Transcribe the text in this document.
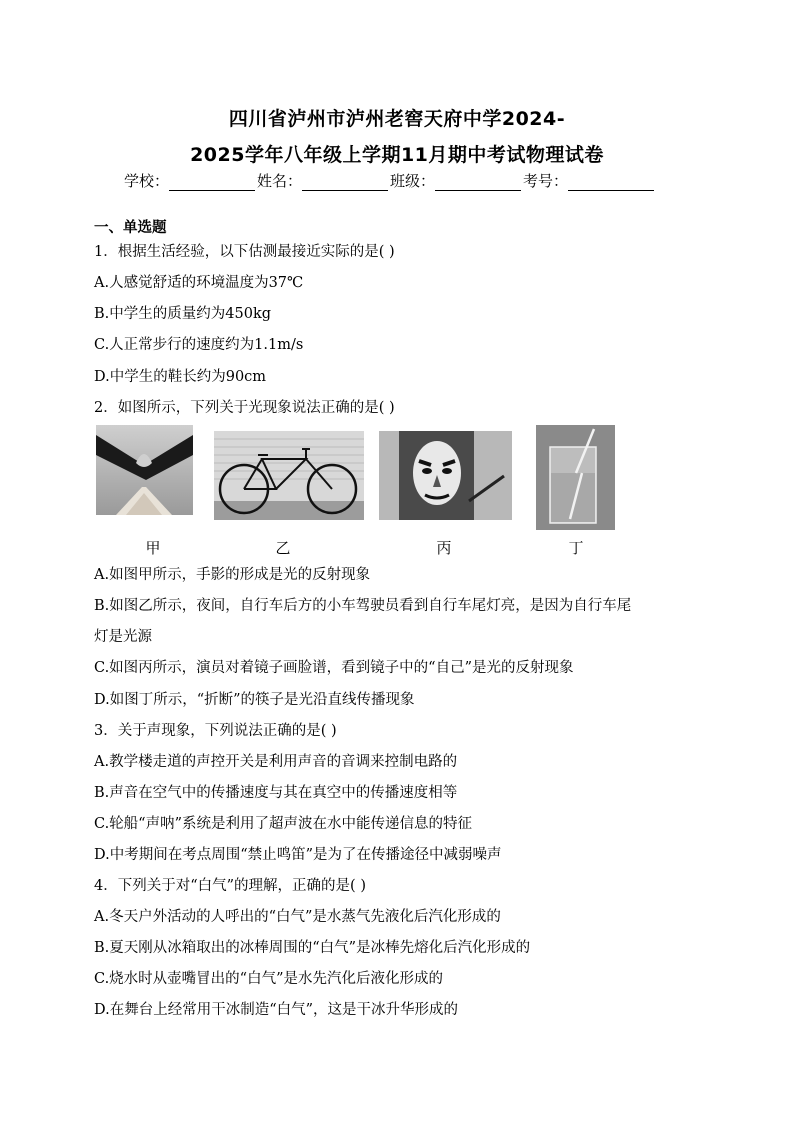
四川省泸州市泸州老窖天府中学2024-
2025学年八年级上学期11月期中考试物理试卷
学校：	姓名：	班级：	考号：
一、单选题
1．根据生活经验，以下估测最接近实际的是( )
A.人感觉舒适的环境温度为37℃
B.中学生的质量约为450kg
C.人正常步行的速度约为1.1m/s
D.中学生的鞋长约为90cm
2．如图所示，下列关于光现象说法正确的是( )
甲	乙	丙	丁
A.如图甲所示，手影的形成是光的反射现象
B.如图乙所示，夜间，自行车后方的小车驾驶员看到自行车尾灯亮，是因为自行车尾
灯是光源
C.如图丙所示，演员对着镜子画脸谱，看到镜子中的“自己”是光的反射现象
D.如图丁所示，“折断”的筷子是光沿直线传播现象
3．关于声现象，下列说法正确的是( )
A.教学楼走道的声控开关是利用声音的音调来控制电路的
B.声音在空气中的传播速度与其在真空中的传播速度相等
C.轮船“声呐”系统是利用了超声波在水中能传递信息的特征
D.中考期间在考点周围“禁止鸣笛”是为了在传播途径中减弱噪声
4．下列关于对“白气”的理解，正确的是( )
A.冬天户外活动的人呼出的“白气”是水蒸气先液化后汽化形成的
B.夏天刚从冰箱取出的冰棒周围的“白气”是冰棒先熔化后汽化形成的
C.烧水时从壶嘴冒出的“白气”是水先汽化后液化形成的
D.在舞台上经常用干冰制造“白气”，这是干冰升华形成的
